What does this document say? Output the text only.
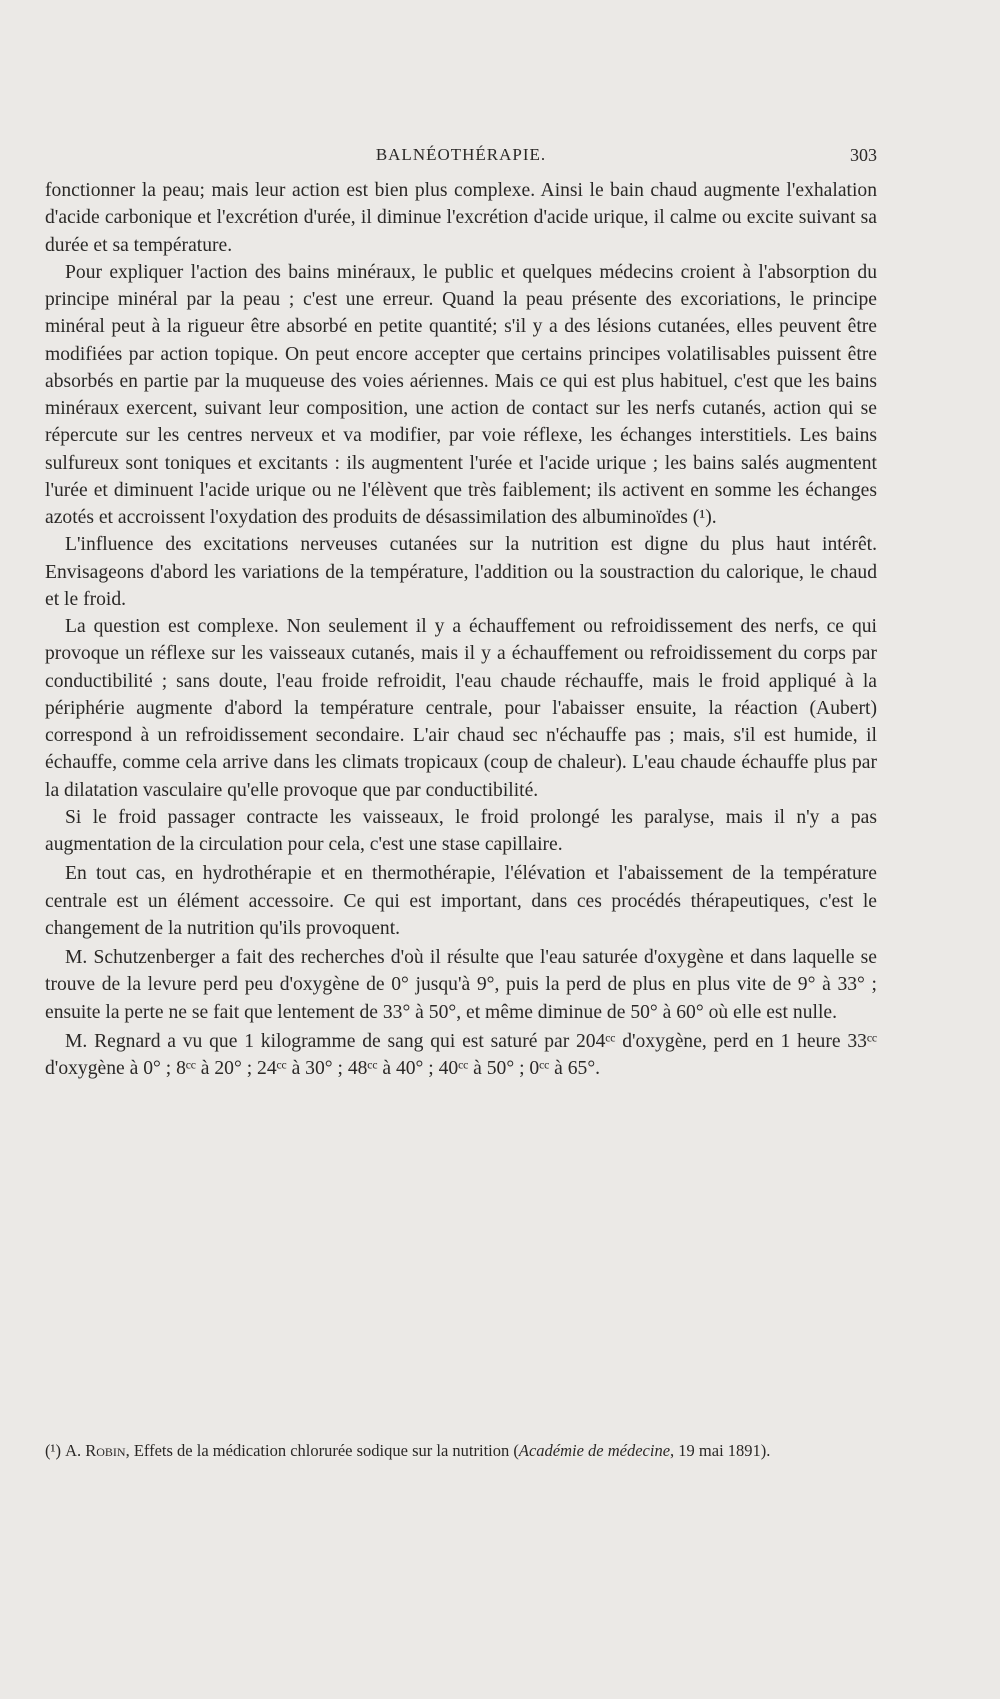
BALNÉOTHÉRAPIE.	303

fonctionner la peau; mais leur action est bien plus complexe. Ainsi le bain chaud augmente l'exhalation d'acide carbonique et l'excrétion d'urée, il diminue l'excrétion d'acide urique, il calme ou excite suivant sa durée et sa température.

Pour expliquer l'action des bains minéraux, le public et quelques médecins croient à l'absorption du principe minéral par la peau ; c'est une erreur. Quand la peau présente des excoriations, le principe minéral peut à la rigueur être absorbé en petite quantité; s'il y a des lésions cutanées, elles peuvent être modifiées par action topique. On peut encore accepter que certains principes volatilisables puissent être absorbés en partie par la muqueuse des voies aériennes. Mais ce qui est plus habituel, c'est que les bains minéraux exercent, suivant leur composition, une action de contact sur les nerfs cutanés, action qui se répercute sur les centres nerveux et va modifier, par voie réflexe, les échanges interstitiels. Les bains sulfureux sont toniques et excitants : ils augmentent l'urée et l'acide urique ; les bains salés augmentent l'urée et diminuent l'acide urique ou ne l'élèvent que très faiblement; ils activent en somme les échanges azotés et accroissent l'oxydation des produits de désassimilation des albuminoïdes (¹).

L'influence des excitations nerveuses cutanées sur la nutrition est digne du plus haut intérêt. Envisageons d'abord les variations de la température, l'addition ou la soustraction du calorique, le chaud et le froid.

La question est complexe. Non seulement il y a échauffement ou refroidissement des nerfs, ce qui provoque un réflexe sur les vaisseaux cutanés, mais il y a échauffement ou refroidissement du corps par conductibilité ; sans doute, l'eau froide refroidit, l'eau chaude réchauffe, mais le froid appliqué à la périphérie augmente d'abord la température centrale, pour l'abaisser ensuite, la réaction (Aubert) correspond à un refroidissement secondaire. L'air chaud sec n'échauffe pas ; mais, s'il est humide, il échauffe, comme cela arrive dans les climats tropicaux (coup de chaleur). L'eau chaude échauffe plus par la dilatation vasculaire qu'elle provoque que par conductibilité.

Si le froid passager contracte les vaisseaux, le froid prolongé les paralyse, mais il n'y a pas augmentation de la circulation pour cela, c'est une stase capillaire.

En tout cas, en hydrothérapie et en thermothérapie, l'élévation et l'abaissement de la température centrale est un élément accessoire. Ce qui est important, dans ces procédés thérapeutiques, c'est le changement de la nutrition qu'ils provoquent.

M. Schutzenberger a fait des recherches d'où il résulte que l'eau saturée d'oxygène et dans laquelle se trouve de la levure perd peu d'oxygène de 0° jusqu'à 9°, puis la perd de plus en plus vite de 9° à 33° ; ensuite la perte ne se fait que lentement de 33° à 50°, et même diminue de 50° à 60° où elle est nulle.

M. Regnard a vu que 1 kilogramme de sang qui est saturé par 204ᶜᶜ d'oxygène, perd en 1 heure 33ᶜᶜ d'oxygène à 0° ; 8ᶜᶜ à 20° ; 24ᶜᶜ à 30° ; 48ᶜᶜ à 40° ; 40ᶜᶜ à 50° ; 0ᶜᶜ à 65°.

(¹) A. Robin, Effets de la médication chlorurée sodique sur la nutrition (Académie de médecine, 19 mai 1891).
